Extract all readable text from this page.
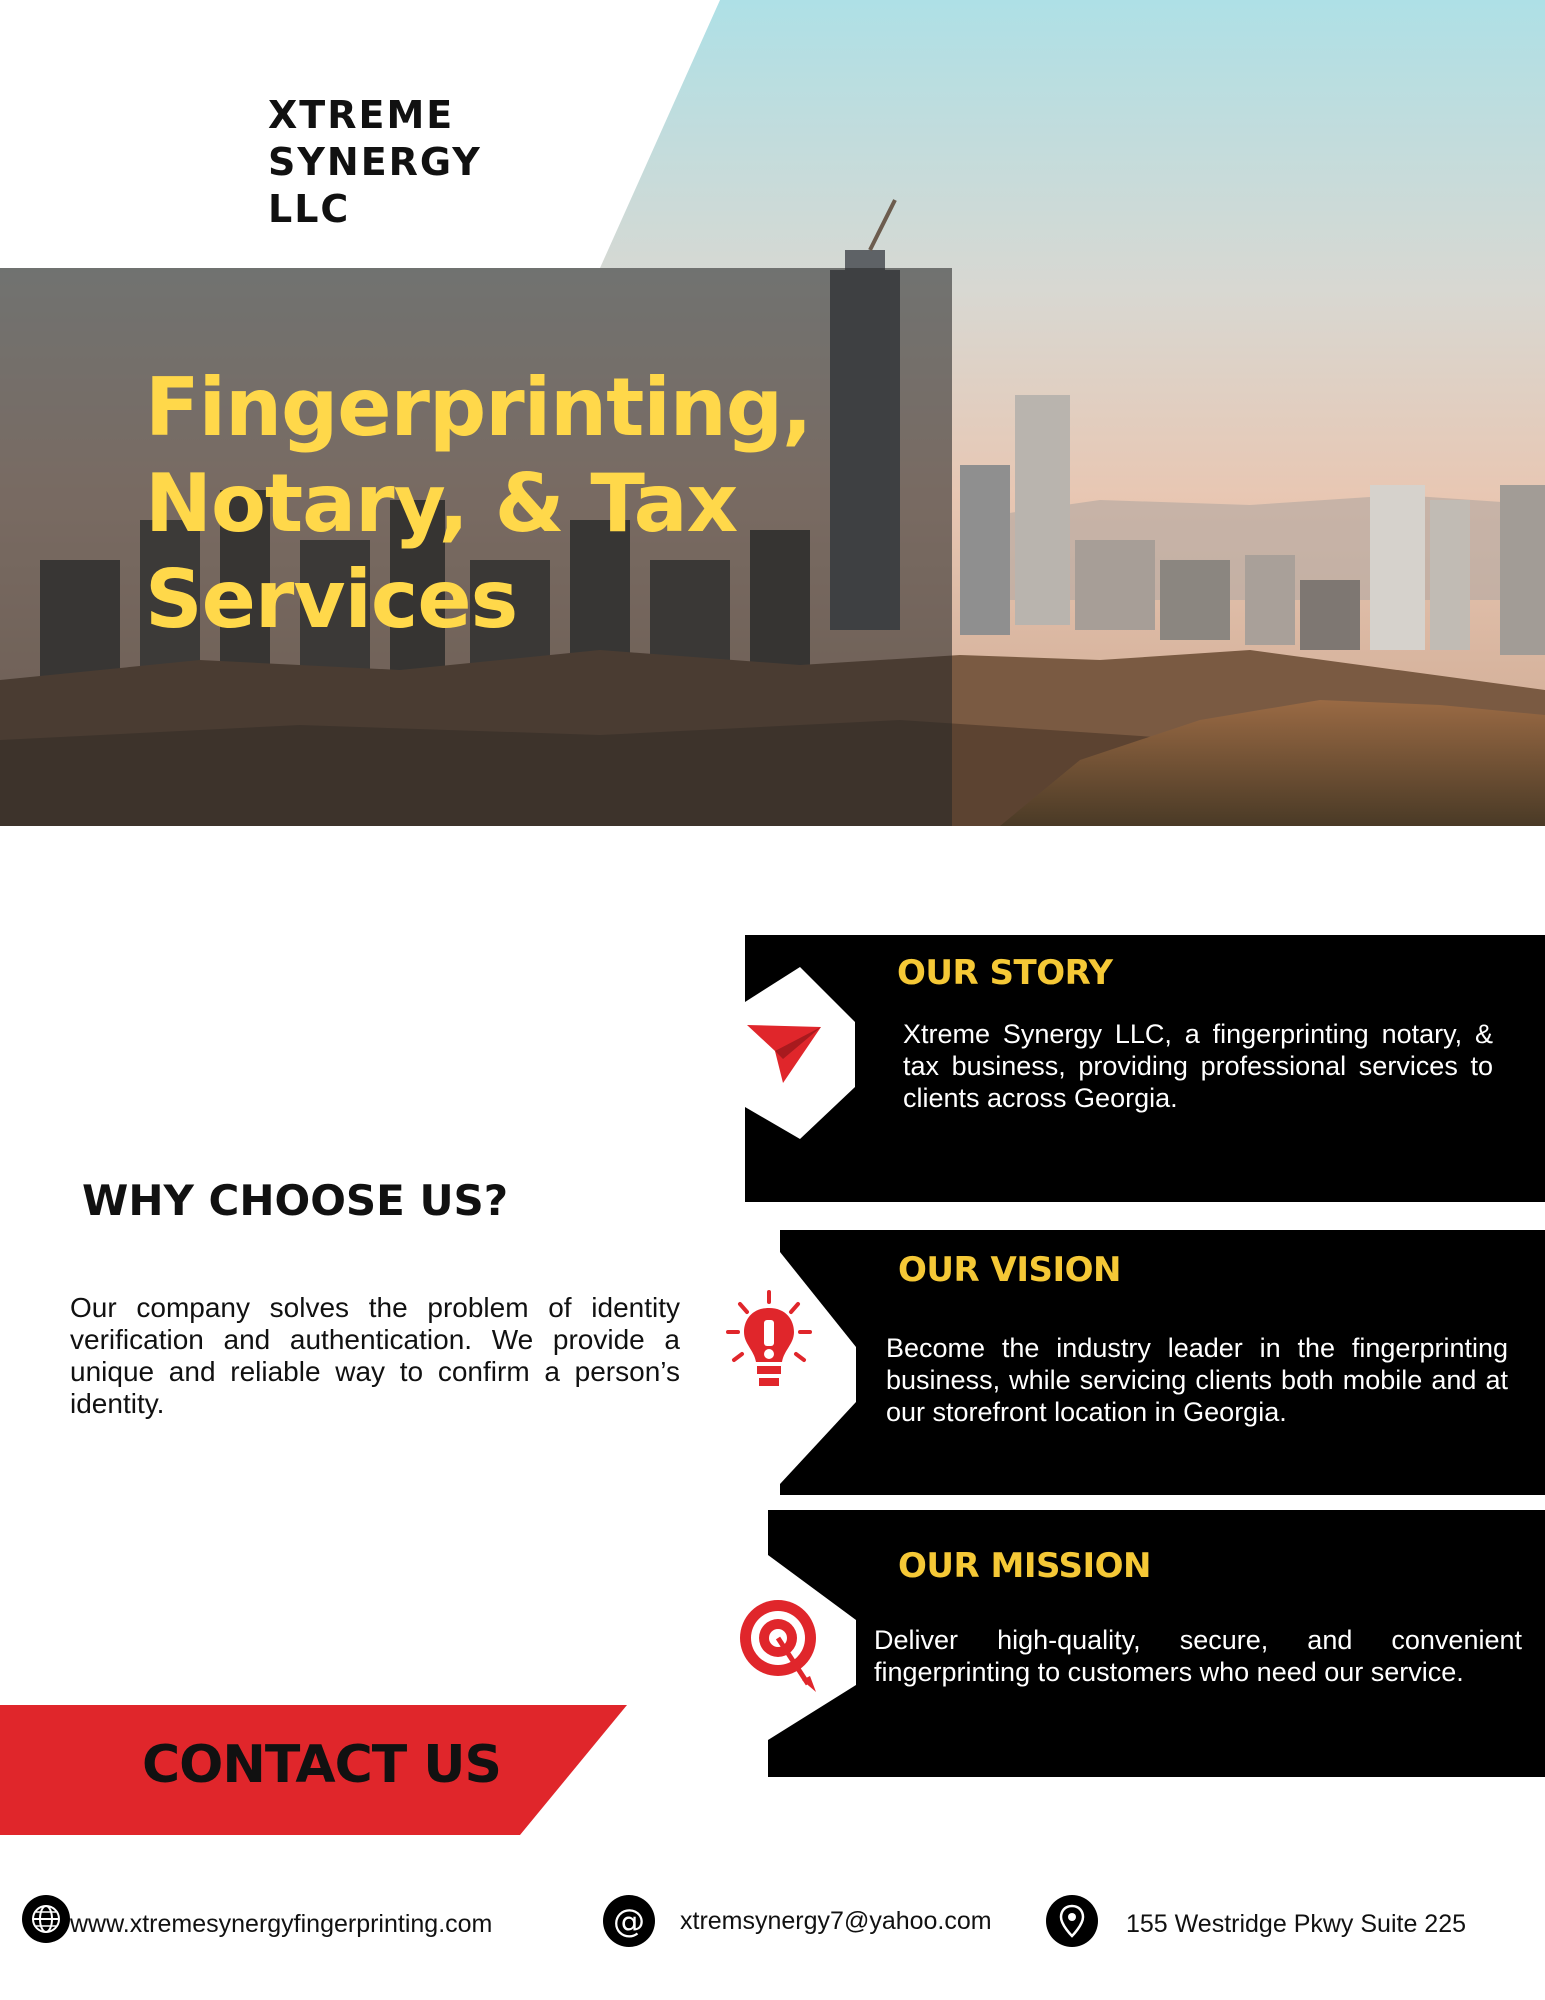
XTREME
SYNERGY
LLC
Fingerprinting,
Notary, & Tax
Services
WHY CHOOSE US?
Our company solves the problem of identity verification and authentication. We provide a unique and reliable way to confirm a person’s identity.
CONTACT US
OUR STORY
Xtreme Synergy LLC, a fingerprinting notary, & tax business, providing professional services to clients across Georgia.
OUR VISION
Become the industry leader in the fingerprinting business, while servicing clients both mobile and at our storefront location in Georgia.
OUR MISSION
Deliver high-quality, secure, and convenient fingerprinting to customers who need our service.
www.xtremesynergyfingerprinting.com	@	xtremsynergy7@yahoo.com	155 Westridge Pkwy Suite 225
